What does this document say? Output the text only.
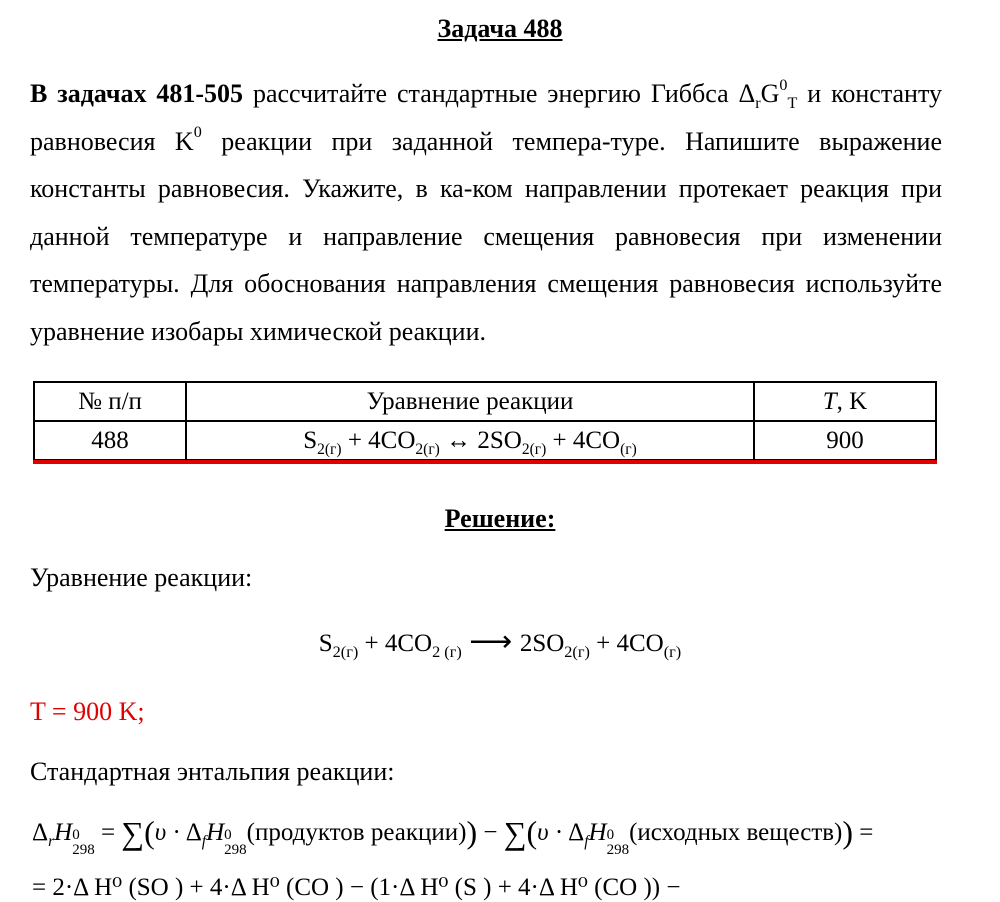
Задача 488
В задачах 481-505 рассчитайте стандартные энергию Гиббса $\Delta_rG^0_T$ и константу равновесия $K^0$ реакции при заданной темпера-туре. Напишите выражение константы равновесия. Укажите, в ка-ком направлении протекает реакция при данной температуре и направление смещения равновесия при изменении температуры. Для обоснования направления смещения равновесия используйте уравнение изобары химической реакции.
№ п/п	Уравнение реакции	T, K
488	$S_{2(г)} + 4CO_{2(г)}$ ↔ $2SO_{2(г)} + 4CO_{(г)}$	900
Решение:
Уравнение реакции:
$S_{2(г)} + 4CO_{2 (г)}$ ⟶ $2SO_{2(г)} + 4CO_{(г)}$
T = 900 K;
Стандартная энтальпия реакции:
$\Delta_rH$ 0
298
= $\sum(\upsilon \cdot \Delta_fH$ 0
298
(продуктов реакции)) − $\sum(\upsilon \cdot \Delta_fH$ 0
298
(исходных веществ)) =
= 2·Δ H⁰ (SO ) + 4·Δ H⁰ (CO ) − (1·Δ H⁰ (S ) + 4·Δ H⁰ (CO )) −
